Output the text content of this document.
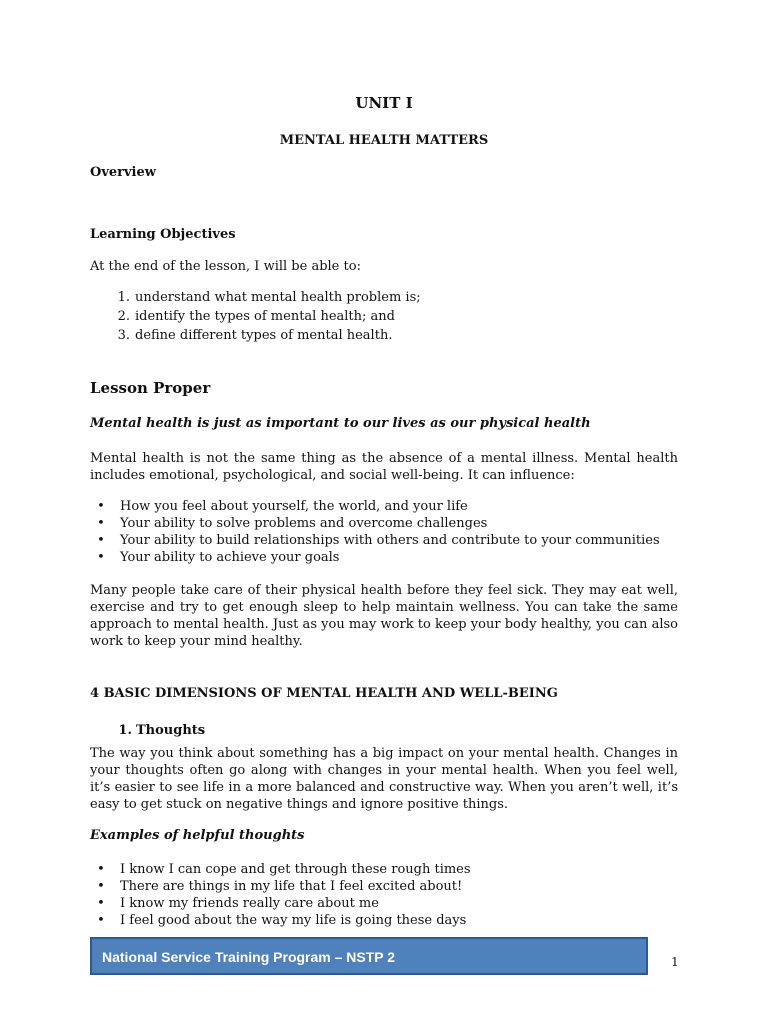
UNIT I
MENTAL HEALTH MATTERS
Overview
Learning Objectives
At the end of the lesson, I will be able to:
1. understand what mental health problem is;
2. identify the types of mental health; and
3. define different types of mental health.
Lesson Proper
Mental health is just as important to our lives as our physical health
Mental health is not the same thing as the absence of a mental illness. Mental health includes emotional, psychological, and social well-being. It can influence:
• How you feel about yourself, the world, and your life
• Your ability to solve problems and overcome challenges
• Your ability to build relationships with others and contribute to your communities
• Your ability to achieve your goals
Many people take care of their physical health before they feel sick. They may eat well, exercise and try to get enough sleep to help maintain wellness. You can take the same approach to mental health. Just as you may work to keep your body healthy, you can also work to keep your mind healthy.
4 BASIC DIMENSIONS OF MENTAL HEALTH AND WELL-BEING
1. Thoughts
The way you think about something has a big impact on your mental health. Changes in your thoughts often go along with changes in your mental health. When you feel well, it’s easier to see life in a more balanced and constructive way. When you aren’t well, it’s easy to get stuck on negative things and ignore positive things.
Examples of helpful thoughts
• I know I can cope and get through these rough times
• There are things in my life that I feel excited about!
• I know my friends really care about me
• I feel good about the way my life is going these days
National Service Training Program – NSTP 2	1
